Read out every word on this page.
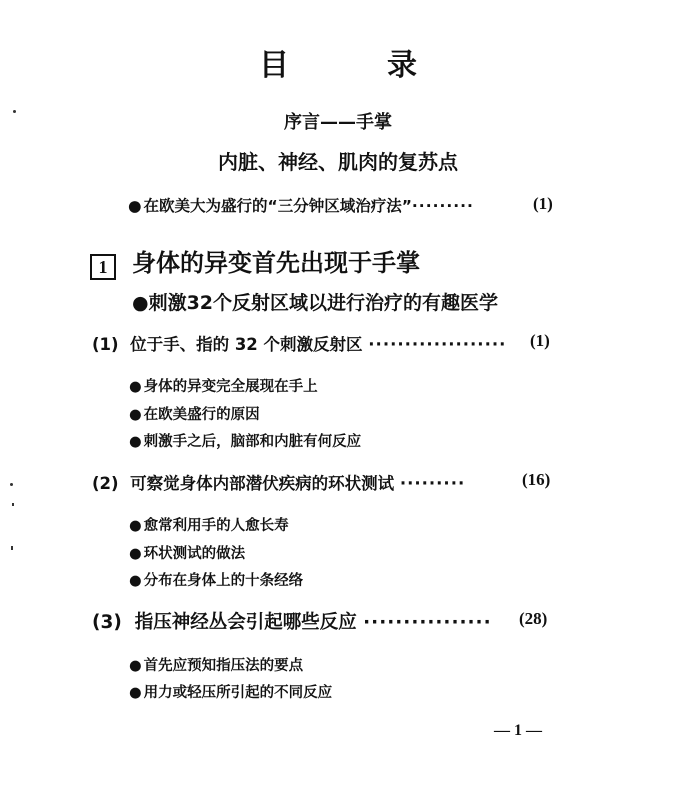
目　录
序言——手掌
内脏、神经、肌肉的复苏点
● 在欧美大为盛行的“三分钟区域治疗法”·········	(1)
1 身体的异变首先出现于手掌
●刺激32个反射区域以进行治疗的有趣医学
(1) 位于手、指的 32 个刺激反射区 ··················· (1)
● 身体的异变完全展现在手上
● 在欧美盛行的原因
● 刺激手之后，脑部和内脏有何反应
(2) 可察觉身体内部潜伏疾病的环状测试 ·········	(16)
● 愈常利用手的人愈长寿
● 环状测试的做法
● 分布在身体上的十条经络
(3) 指压神经丛会引起哪些反应 ················ (28)
● 首先应预知指压法的要点
● 用力或轻压所引起的不同反应
— 1 —
